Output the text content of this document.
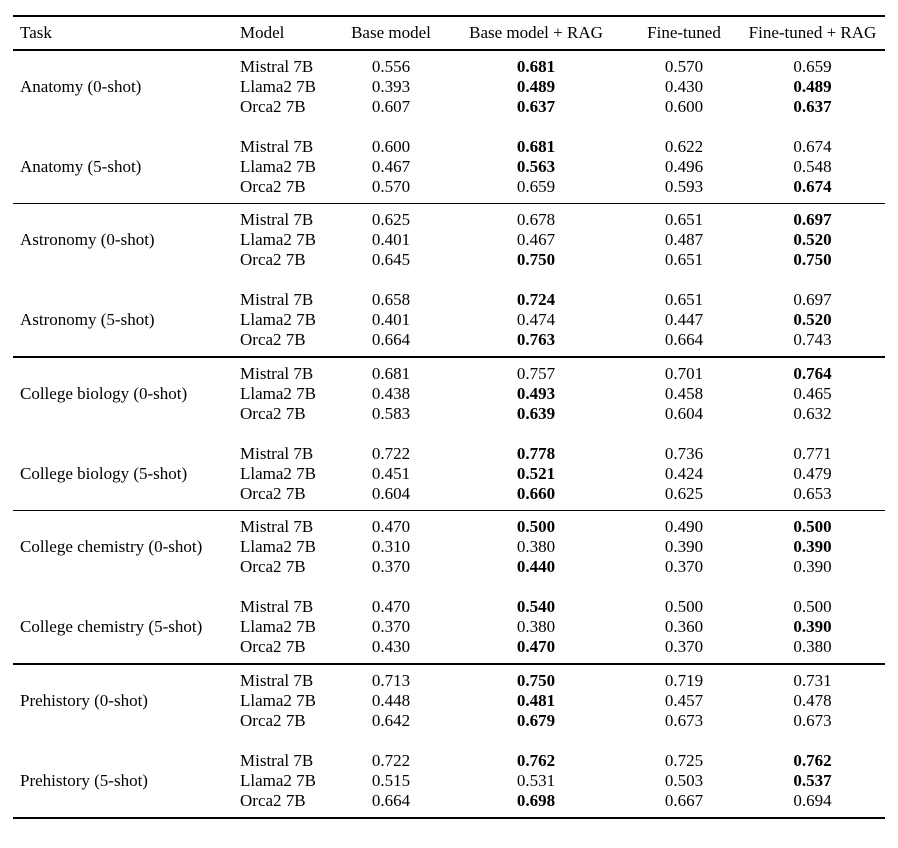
Task	Model	Base model	Base model + RAG	Fine-tuned	Fine-tuned + RAG
Anatomy (0-shot)
Mistral 7B	0.556	0.681	0.570	0.659
Llama2 7B	0.393	0.489	0.430	0.489
Orca2 7B	0.607	0.637	0.600	0.637
Anatomy (5-shot)
Mistral 7B	0.600	0.681	0.622	0.674
Llama2 7B	0.467	0.563	0.496	0.548
Orca2 7B	0.570	0.659	0.593	0.674
Astronomy (0-shot)
Mistral 7B	0.625	0.678	0.651	0.697
Llama2 7B	0.401	0.467	0.487	0.520
Orca2 7B	0.645	0.750	0.651	0.750
Astronomy (5-shot)
Mistral 7B	0.658	0.724	0.651	0.697
Llama2 7B	0.401	0.474	0.447	0.520
Orca2 7B	0.664	0.763	0.664	0.743
College biology (0-shot)
Mistral 7B	0.681	0.757	0.701	0.764
Llama2 7B	0.438	0.493	0.458	0.465
Orca2 7B	0.583	0.639	0.604	0.632
College biology (5-shot)
Mistral 7B	0.722	0.778	0.736	0.771
Llama2 7B	0.451	0.521	0.424	0.479
Orca2 7B	0.604	0.660	0.625	0.653
College chemistry (0-shot)
Mistral 7B	0.470	0.500	0.490	0.500
Llama2 7B	0.310	0.380	0.390	0.390
Orca2 7B	0.370	0.440	0.370	0.390
College chemistry (5-shot)
Mistral 7B	0.470	0.540	0.500	0.500
Llama2 7B	0.370	0.380	0.360	0.390
Orca2 7B	0.430	0.470	0.370	0.380
Prehistory (0-shot)
Mistral 7B	0.713	0.750	0.719	0.731
Llama2 7B	0.448	0.481	0.457	0.478
Orca2 7B	0.642	0.679	0.673	0.673
Prehistory (5-shot)
Mistral 7B	0.722	0.762	0.725	0.762
Llama2 7B	0.515	0.531	0.503	0.537
Orca2 7B	0.664	0.698	0.667	0.694
